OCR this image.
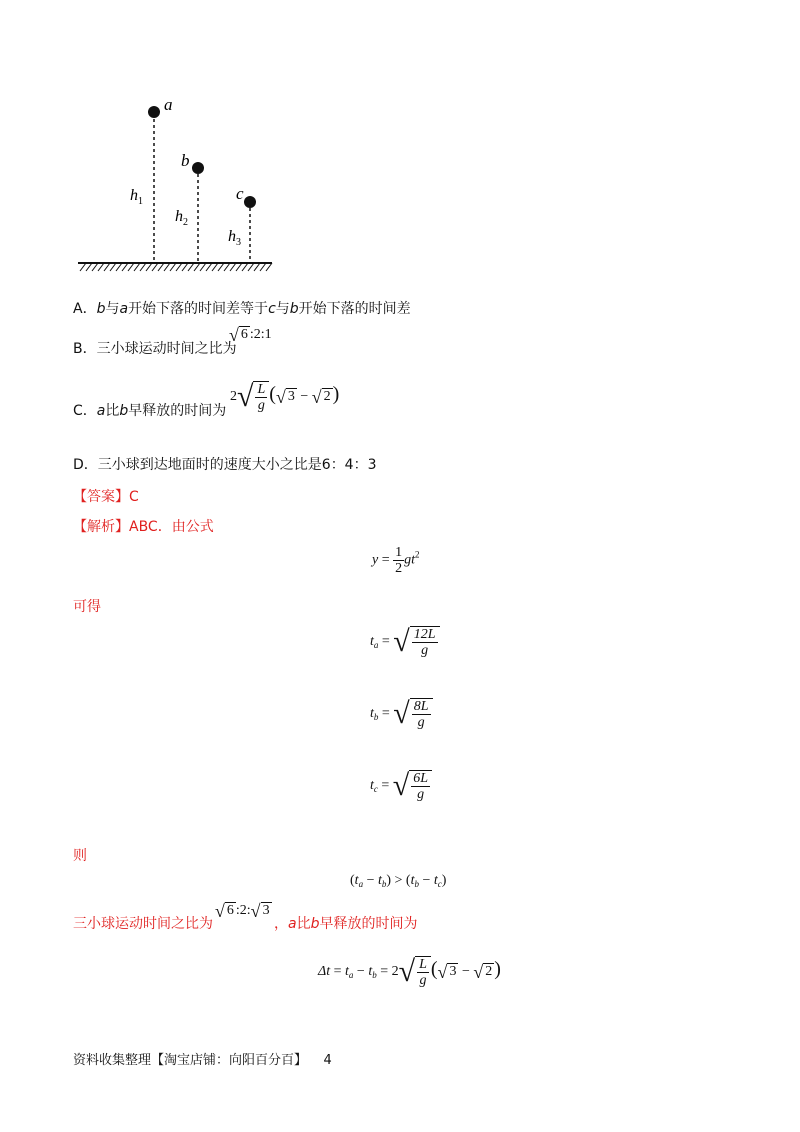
a
b
c
$h_1$
$h_2$
$h_3$
A．b与a开始下落的时间差等于c与b开始下落的时间差
B．三小球运动时间之比为
√ 6 :2:1
C．a比b早释放的时间为
2 √ $\frac{L}{g}$ ( √ 3 − √ 2 )
D．三小球到达地面时的速度大小之比是6：4：3
【答案】C
【解析】ABC．由公式
$y = \frac{1}{2} gt^2$
可得
$t_a$ = √ $\frac{12L}{g}$
$t_b$ = √ $\frac{8L}{g}$
$t_c$ = √ $\frac{6L}{g}$
则
$(t_a - t_b) > (t_b - t_c)$
三小球运动时间之比为
√ 6 :2: √ 3
，a比b早释放的时间为
$\Delta t = t_a - t_b = 2$ √ $\frac{L}{g}$ ( √ 3 − √ 2 )
资料收集整理【淘宝店铺：向阳百分百】 4
